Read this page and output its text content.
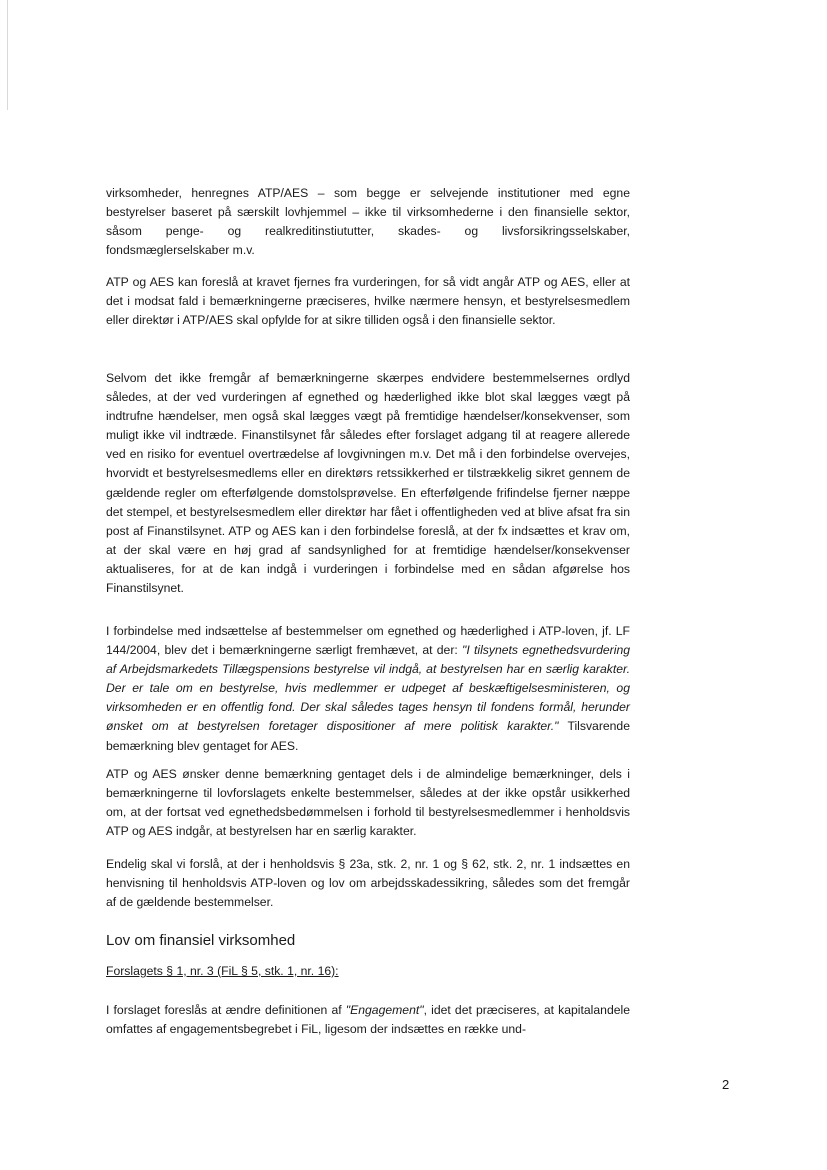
virksomheder, henregnes ATP/AES – som begge er selvejende institutioner med egne bestyrelser baseret på særskilt lovhjemmel – ikke til virksomhederne i den finansielle sektor, såsom penge- og realkreditinstiututter, skades- og livsforsikringsselskaber, fondsmæglerselskaber m.v.

ATP og AES kan foreslå at kravet fjernes fra vurderingen, for så vidt angår ATP og AES, eller at det i modsat fald i bemærkningerne præciseres, hvilke nærmere hensyn, et bestyrelsesmedlem eller direktør i ATP/AES skal opfylde for at sikre tilliden også i den finansielle sektor.

Selvom det ikke fremgår af bemærkningerne skærpes endvidere bestemmelsernes ordlyd således, at der ved vurderingen af egnethed og hæderlighed ikke blot skal lægges vægt på indtrufne hændelser, men også skal lægges vægt på fremtidige hændelser/konsekvenser, som muligt ikke vil indtræde. Finanstilsynet får således efter forslaget adgang til at reagere allerede ved en risiko for eventuel overtrædelse af lovgivningen m.v. Det må i den forbindelse overvejes, hvorvidt et bestyrelsesmedlems eller en direktørs retssikkerhed er tilstrækkelig sikret gennem de gældende regler om efterfølgende domstolsprøvelse. En efterfølgende frifindelse fjerner næppe det stempel, et bestyrelsesmedlem eller direktør har fået i offentligheden ved at blive afsat fra sin post af Finanstilsynet. ATP og AES kan i den forbindelse foreslå, at der fx indsættes et krav om, at der skal være en høj grad af sandsynlighed for at fremtidige hændelser/konsekvenser aktualiseres, for at de kan indgå i vurderingen i forbindelse med en sådan afgørelse hos Finanstilsynet.

I forbindelse med indsættelse af bestemmelser om egnethed og hæderlighed i ATP-loven, jf. LF 144/2004, blev det i bemærkningerne særligt fremhævet, at der: "I tilsynets egnethedsvurdering af Arbejdsmarkedets Tillægspensions bestyrelse vil indgå, at bestyrelsen har en særlig karakter. Der er tale om en bestyrelse, hvis medlemmer er udpeget af beskæftigelsesministeren, og virksomheden er en offentlig fond. Der skal således tages hensyn til fondens formål, herunder ønsket om at bestyrelsen foretager dispositioner af mere politisk karakter." Tilsvarende bemærkning blev gentaget for AES.

ATP og AES ønsker denne bemærkning gentaget dels i de almindelige bemærkninger, dels i bemærkningerne til lovforslagets enkelte bestemmelser, således at der ikke opstår usikkerhed om, at der fortsat ved egnethedsbedømmelsen i forhold til bestyrelsesmedlemmer i henholdsvis ATP og AES indgår, at bestyrelsen har en særlig karakter.

Endelig skal vi forslå, at der i henholdsvis § 23a, stk. 2, nr. 1 og § 62, stk. 2, nr. 1 indsættes en henvisning til henholdsvis ATP-loven og lov om arbejdsskadessikring, således som det fremgår af de gældende bestemmelser.

Lov om finansiel virksomhed

Forslagets § 1, nr. 3 (FiL § 5, stk. 1, nr. 16):

I forslaget foreslås at ændre definitionen af "Engagement", idet det præciseres, at kapitalandele omfattes af engagementsbegrebet i FiL, ligesom der indsættes en række und-

2
